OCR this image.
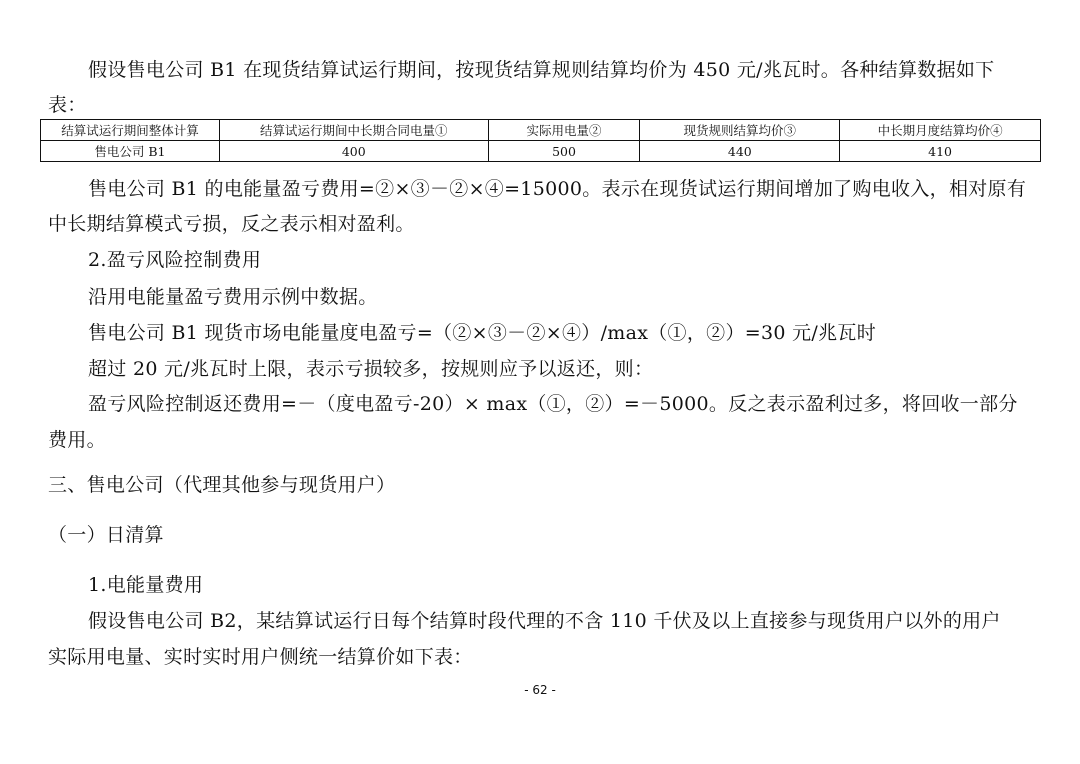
假设售电公司 B1 在现货结算试运行期间，按现货结算规则结算均价为 450 元/兆瓦时。各种结算数据如下
表：
结算试运行期间整体计算	结算试运行期间中长期合同电量①	实际用电量②	现货规则结算均价③	中长期月度结算均价④
售电公司 B1	400	500	440	410
售电公司 B1 的电能量盈亏费用=②×③－②×④=15000。表示在现货试运行期间增加了购电收入，相对原有
中长期结算模式亏损，反之表示相对盈利。
2.盈亏风险控制费用
沿用电能量盈亏费用示例中数据。
售电公司 B1 现货市场电能量度电盈亏=（②×③－②×④）/max（①，②）=30 元/兆瓦时
超过 20 元/兆瓦时上限，表示亏损较多，按规则应予以返还，则：
盈亏风险控制返还费用=－（度电盈亏-20）× max（①，②）=－5000。反之表示盈利过多，将回收一部分
费用。
三、售电公司（代理其他参与现货用户）
（一）日清算
1.电能量费用
假设售电公司 B2，某结算试运行日每个结算时段代理的不含 110 千伏及以上直接参与现货用户以外的用户
实际用电量、实时实时用户侧统一结算价如下表：
- 62 -
